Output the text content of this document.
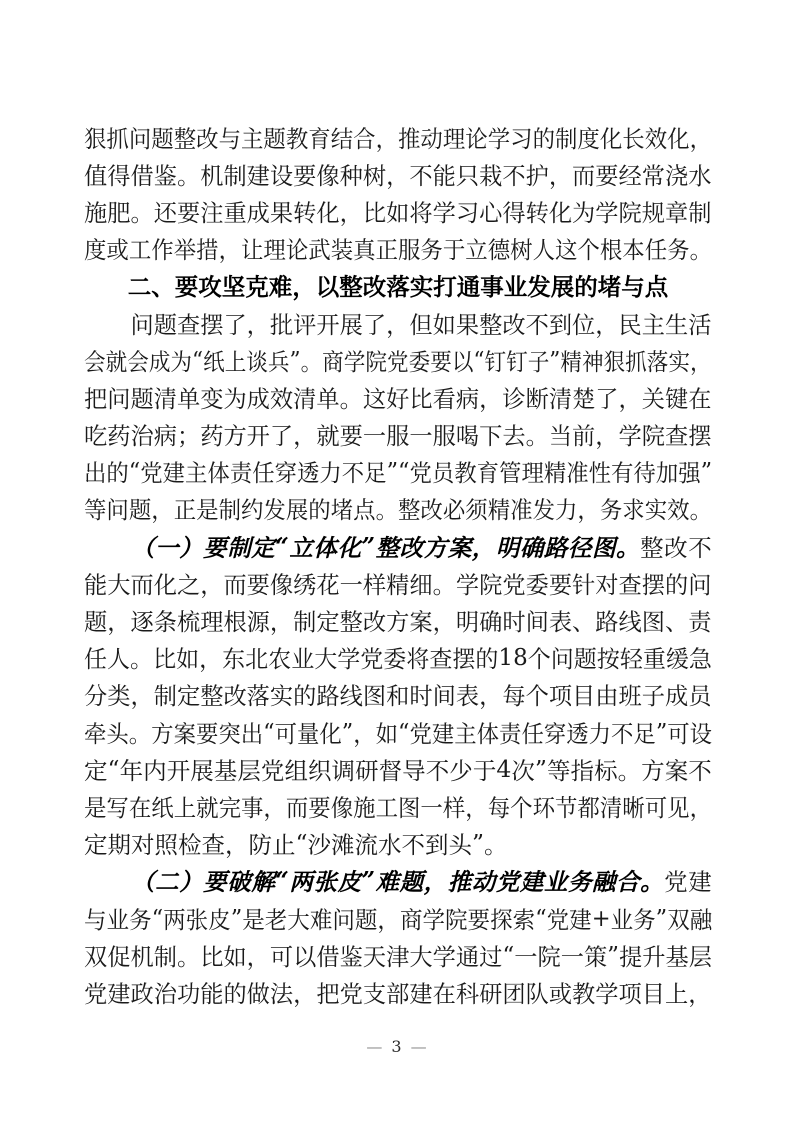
狠 抓 问 题 整 改 与 主 题 教 育 结 合 ， 推 动 理 论 学 习 的 制 度 化 长 效 化 ，
值 得 借 鉴 。 机 制 建 设 要 像 种 树 ， 不 能 只 栽 不 护 ， 而 要 经 常 浇 水
施 肥 。 还 要 注 重 成 果 转 化 ， 比 如 将 学 习 心 得 转 化 为 学 院 规 章 制
度 或 工 作 举 措 ， 让 理 论 武 装 真 正 服 务 于 立 德 树 人 这 个 根 本 任 务 。
二 、 要 攻 坚 克 难 ， 以 整 改 落 实 打 通 事 业 发 展 的 堵 与 点
问 题 查 摆 了 ， 批 评 开 展 了 ， 但 如 果 整 改 不 到 位 ， 民 主 生 活
会 就 会 成 为 “ 纸 上 谈 兵 ” 。 商 学 院 党 委 要 以 “ 钉 钉 子 ” 精 神 狠 抓 落 实 ，
把 问 题 清 单 变 为 成 效 清 单 。 这 好 比 看 病 ， 诊 断 清 楚 了 ， 关 键 在
吃 药 治 病 ； 药 方 开 了 ， 就 要 一 服 一 服 喝 下 去 。 当 前 ， 学 院 查 摆
出 的 “ 党 建 主 体 责 任 穿 透 力 不 足 ” “ 党 员 教 育 管 理 精 准 性 有 待 加 强 ”
等 问 题 ， 正 是 制 约 发 展 的 堵 点 。 整 改 必 须 精 准 发 力 ， 务 求 实 效 。
（ 一 ） 要 制 定 “ 立 体 化 ” 整 改 方 案 ， 明 确 路 径 图 。 整 改 不
能 大 而 化 之 ， 而 要 像 绣 花 一 样 精 细 。 学 院 党 委 要 针 对 查 摆 的 问
题 ， 逐 条 梳 理 根 源 ， 制 定 整 改 方 案 ， 明 确 时 间 表 、 路 线 图 、 责
任 人 。 比 如 ， 东 北 农 业 大 学 党 委 将 查 摆 的 18 个 问 题 按 轻 重 缓 急
分 类 ， 制 定 整 改 落 实 的 路 线 图 和 时 间 表 ， 每 个 项 目 由 班 子 成 员
牵 头 。 方 案 要 突 出 “ 可 量 化 ” ， 如 “ 党 建 主 体 责 任 穿 透 力 不 足 ” 可 设
定 “ 年 内 开 展 基 层 党 组 织 调 研 督 导 不 少 于 4 次 ” 等 指 标 。 方 案 不
是 写 在 纸 上 就 完 事 ， 而 要 像 施 工 图 一 样 ， 每 个 环 节 都 清 晰 可 见 ，
定 期 对 照 检 查 ， 防 止 “ 沙 滩 流 水 不 到 头 ” 。
（ 二 ） 要 破 解 “ 两 张 皮 ” 难 题 ， 推 动 党 建 业 务 融 合 。 党 建
与 业 务 “ 两 张 皮 ” 是 老 大 难 问 题 ， 商 学 院 要 探 索 “ 党 建 + 业 务 ” 双 融
双 促 机 制 。 比 如 ， 可 以 借 鉴 天 津 大 学 通 过 “ 一 院 一 策 ” 提 升 基 层
党 建 政 治 功 能 的 做 法 ， 把 党 支 部 建 在 科 研 团 队 或 教 学 项 目 上 ，
— 3 —
